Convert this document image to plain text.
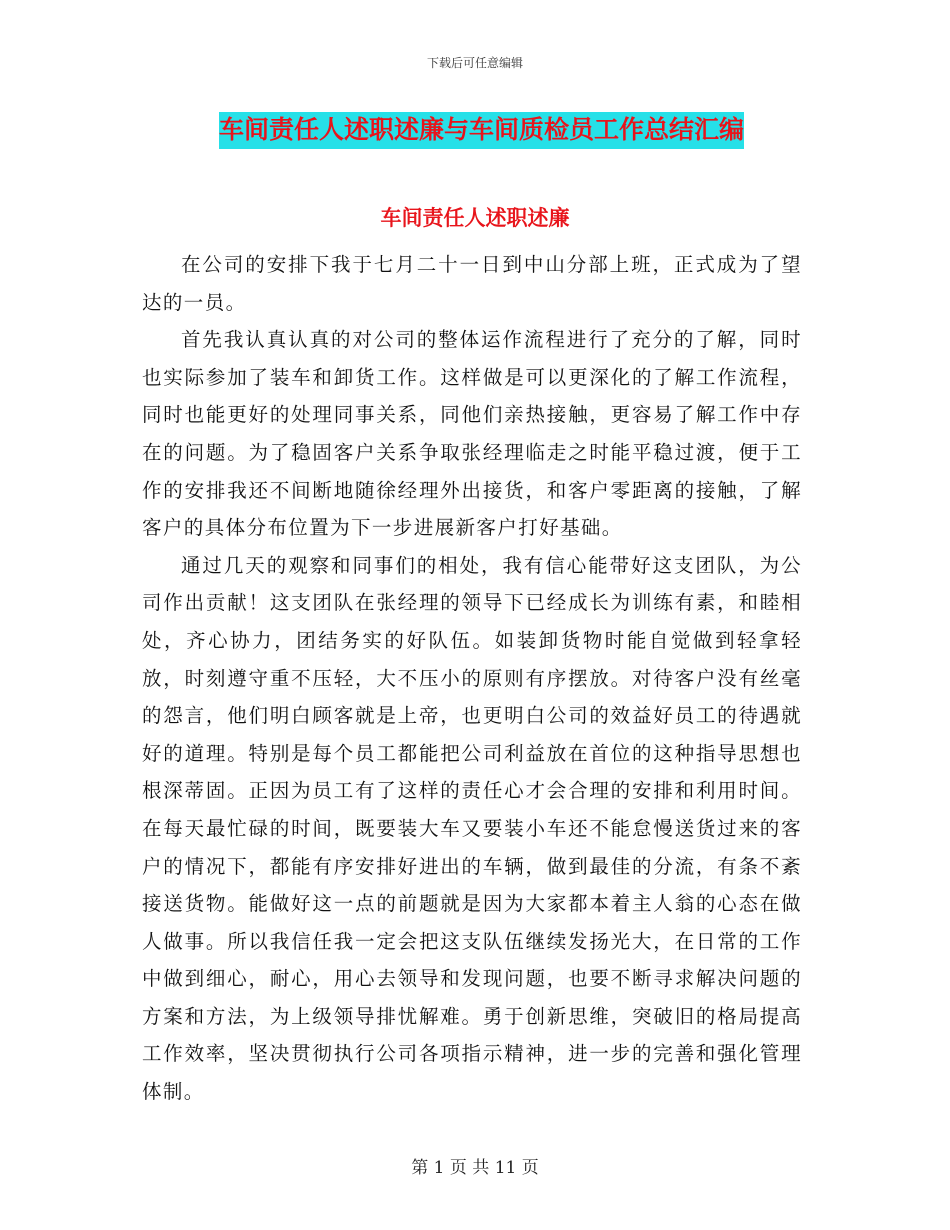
下载后可任意编辑
车间责任人述职述廉与车间质检员工作总结汇编
车间责任人述职述廉

在公司的安排下我于七月二十一日到中山分部上班，正式成为了望达的一员。

首先我认真认真的对公司的整体运作流程进行了充分的了解，同时也实际参加了装车和卸货工作。这样做是可以更深化的了解工作流程，同时也能更好的处理同事关系，同他们亲热接触，更容易了解工作中存在的问题。为了稳固客户关系争取张经理临走之时能平稳过渡，便于工作的安排我还不间断地随徐经理外出接货，和客户零距离的接触，了解客户的具体分布位置为下一步进展新客户打好基础。

通过几天的观察和同事们的相处，我有信心能带好这支团队，为公司作出贡献！这支团队在张经理的领导下已经成长为训练有素，和睦相处，齐心协力，团结务实的好队伍。如装卸货物时能自觉做到轻拿轻放，时刻遵守重不压轻，大不压小的原则有序摆放。对待客户没有丝毫的怨言，他们明白顾客就是上帝，也更明白公司的效益好员工的待遇就好的道理。特别是每个员工都能把公司利益放在首位的这种指导思想也根深蒂固。正因为员工有了这样的责任心才会合理的安排和利用时间。在每天最忙碌的时间，既要装大车又要装小车还不能怠慢送货过来的客户的情况下，都能有序安排好进出的车辆，做到最佳的分流，有条不紊接送货物。能做好这一点的前题就是因为大家都本着主人翁的心态在做人做事。所以我信任我一定会把这支队伍继续发扬光大，在日常的工作中做到细心，耐心，用心去领导和发现问题，也要不断寻求解决问题的方案和方法，为上级领导排忧解难。勇于创新思维，突破旧的格局提高工作效率，坚决贯彻执行公司各项指示精神，进一步的完善和强化管理体制。

第 1 页 共 11 页
